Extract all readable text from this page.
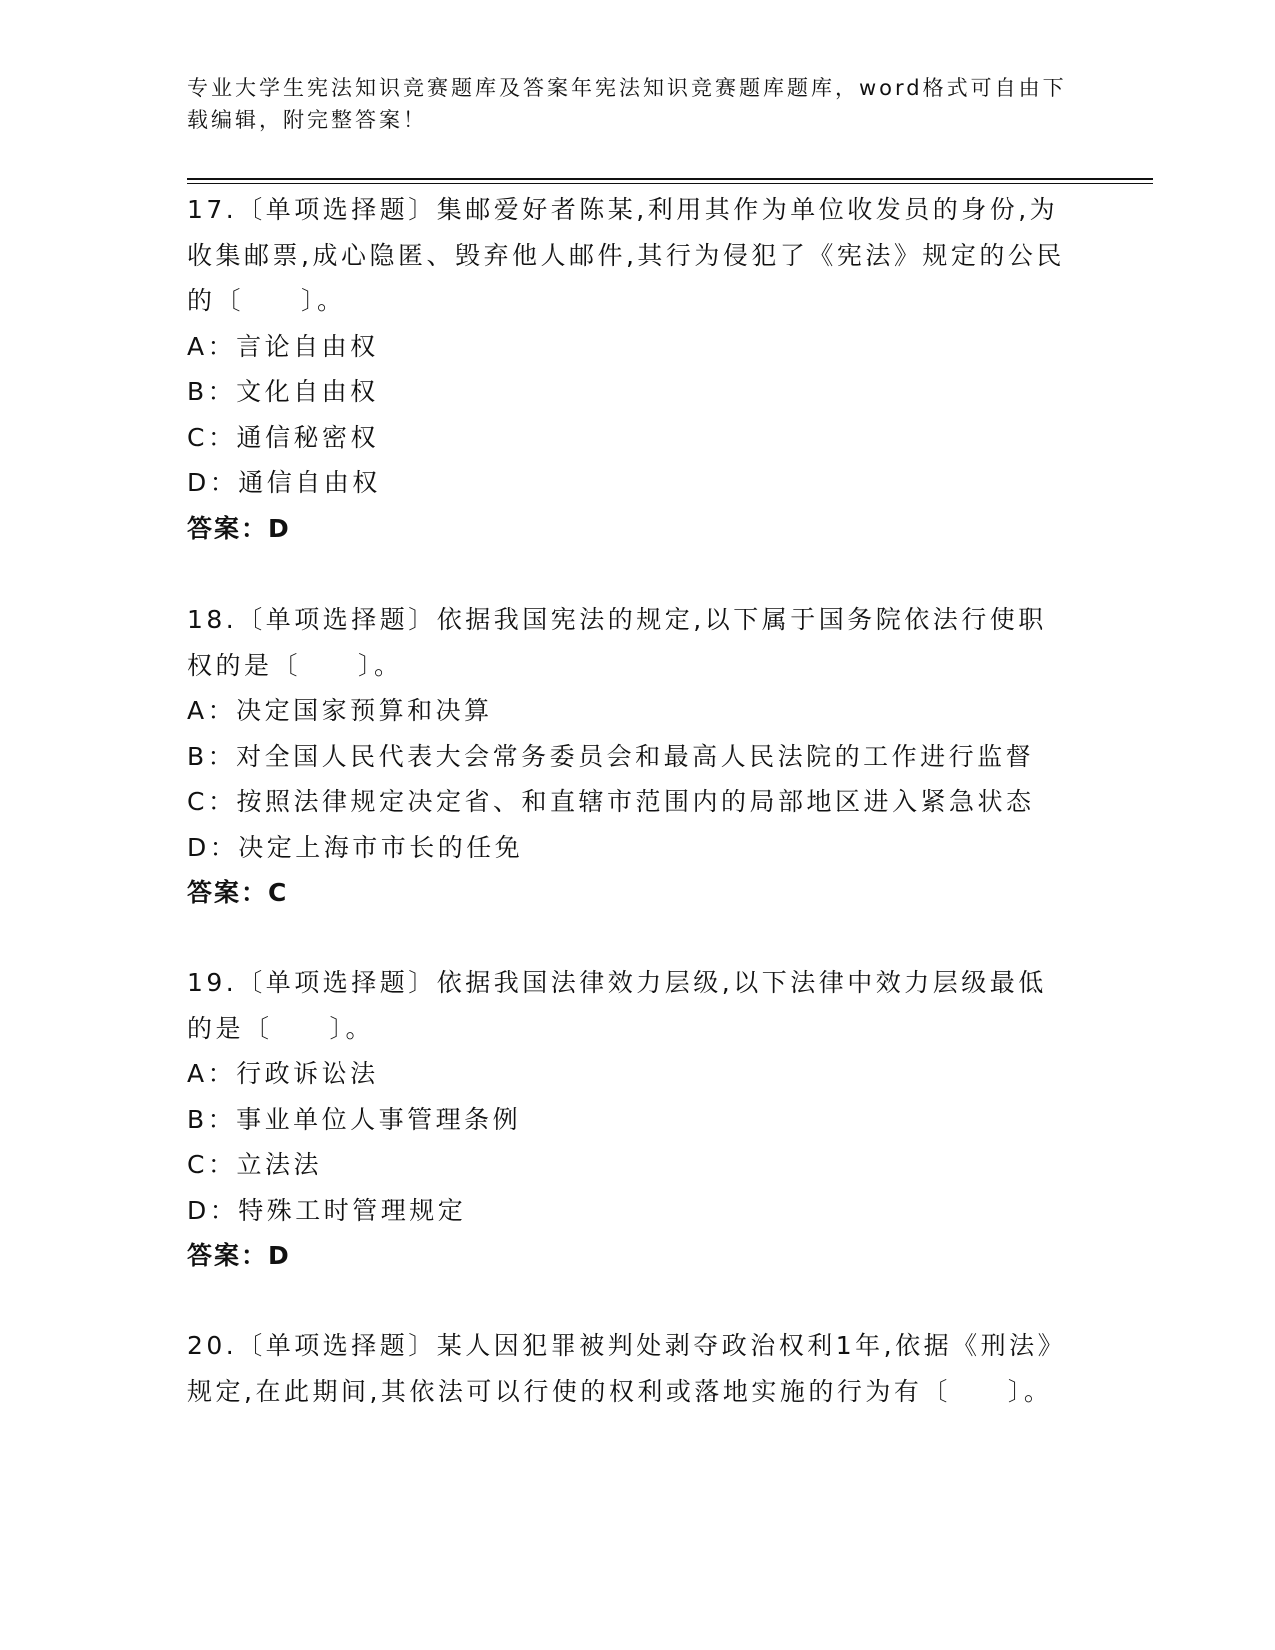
专业大学生宪法知识竞赛题库及答案年宪法知识竞赛题库题库，word格式可自由下载编辑，附完整答案！
17.〔单项选择题〕集邮爱好者陈某,利用其作为单位收发员的身份,为收集邮票,成心隐匿、毁弃他人邮件,其行为侵犯了《宪法》规定的公民的〔　　〕。
A：言论自由权
B：文化自由权
C：通信秘密权
D：通信自由权
答案：D
18.〔单项选择题〕依据我国宪法的规定,以下属于国务院依法行使职权的是〔　　〕。
A：决定国家预算和决算
B：对全国人民代表大会常务委员会和最高人民法院的工作进行监督
C：按照法律规定决定省、和直辖市范围内的局部地区进入紧急状态
D：决定上海市市长的任免
答案：C
19.〔单项选择题〕依据我国法律效力层级,以下法律中效力层级最低的是〔　　〕。
A：行政诉讼法
B：事业单位人事管理条例
C：立法法
D：特殊工时管理规定
答案：D
20.〔单项选择题〕某人因犯罪被判处剥夺政治权利1年,依据《刑法》规定,在此期间,其依法可以行使的权利或落地实施的行为有〔　　〕。
